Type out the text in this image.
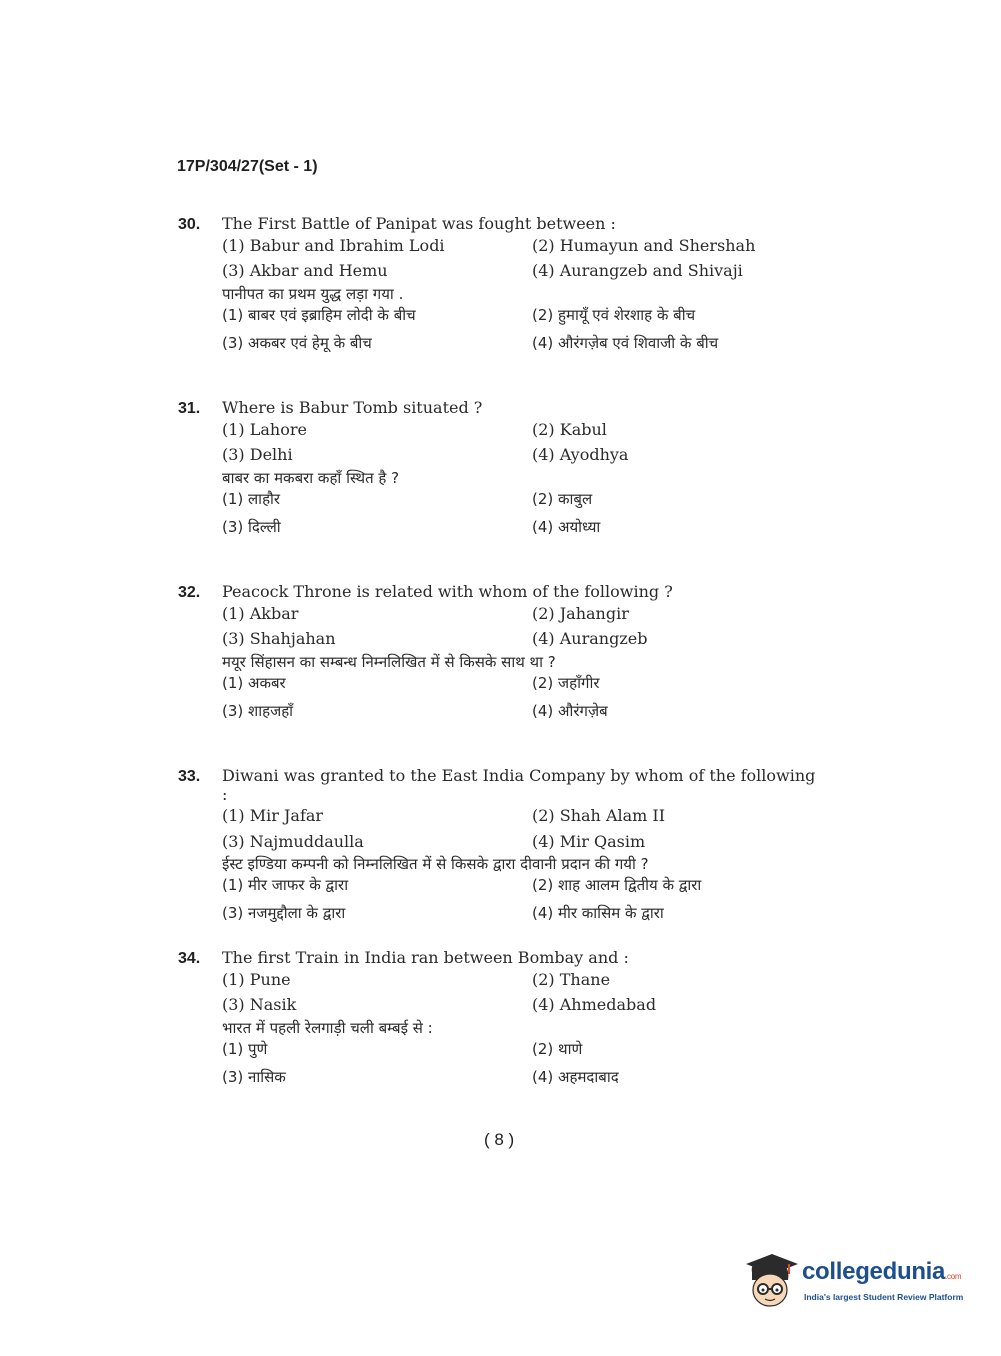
17P/304/27(Set - 1)
30.	The First Battle of Panipat was fought between :
(1) Babur and Ibrahim Lodi	(2) Humayun and Shershah
(3) Akbar and Hemu	(4) Aurangzeb and Shivaji
पानीपत का प्रथम युद्ध लड़ा गया .
(1) बाबर एवं इब्राहिम लोदी के बीच	(2) हुमायूँ एवं शेरशाह के बीच
(3) अकबर एवं हेमू के बीच	(4) औरंगज़ेब एवं शिवाजी के बीच
31.	Where is Babur Tomb situated ?
(1) Lahore	(2) Kabul
(3) Delhi	(4) Ayodhya
बाबर का मकबरा कहाँ स्थित है ?
(1) लाहौर	(2) काबुल
(3) दिल्ली	(4) अयोध्या
32.	Peacock Throne is related with whom of the following ?
(1) Akbar	(2) Jahangir
(3) Shahjahan	(4) Aurangzeb
मयूर सिंहासन का सम्बन्ध निम्नलिखित में से किसके साथ था ?
(1) अकबर	(2) जहाँगीर
(3) शाहजहाँ	(4) औरंगज़ेब
33.	Diwani was granted to the East India Company by whom of the following :
(1) Mir Jafar	(2) Shah Alam II
(3) Najmuddaulla	(4) Mir Qasim
ईस्ट इण्डिया कम्पनी को निम्नलिखित में से किसके द्वारा दीवानी प्रदान की गयी ?
(1) मीर जाफर के द्वारा	(2) शाह आलम द्वितीय के द्वारा
(3) नजमुद्दौला के द्वारा	(4) मीर कासिम के द्वारा
34.	The first Train in India ran between Bombay and :
(1) Pune	(2) Thane
(3) Nasik	(4) Ahmedabad
भारत में पहली रेलगाड़ी चली बम्बई से :
(1) पुणे	(2) थाणे
(3) नासिक	(4) अहमदाबाद
( 8 )
collegedunia.com
India's largest Student Review Platform
